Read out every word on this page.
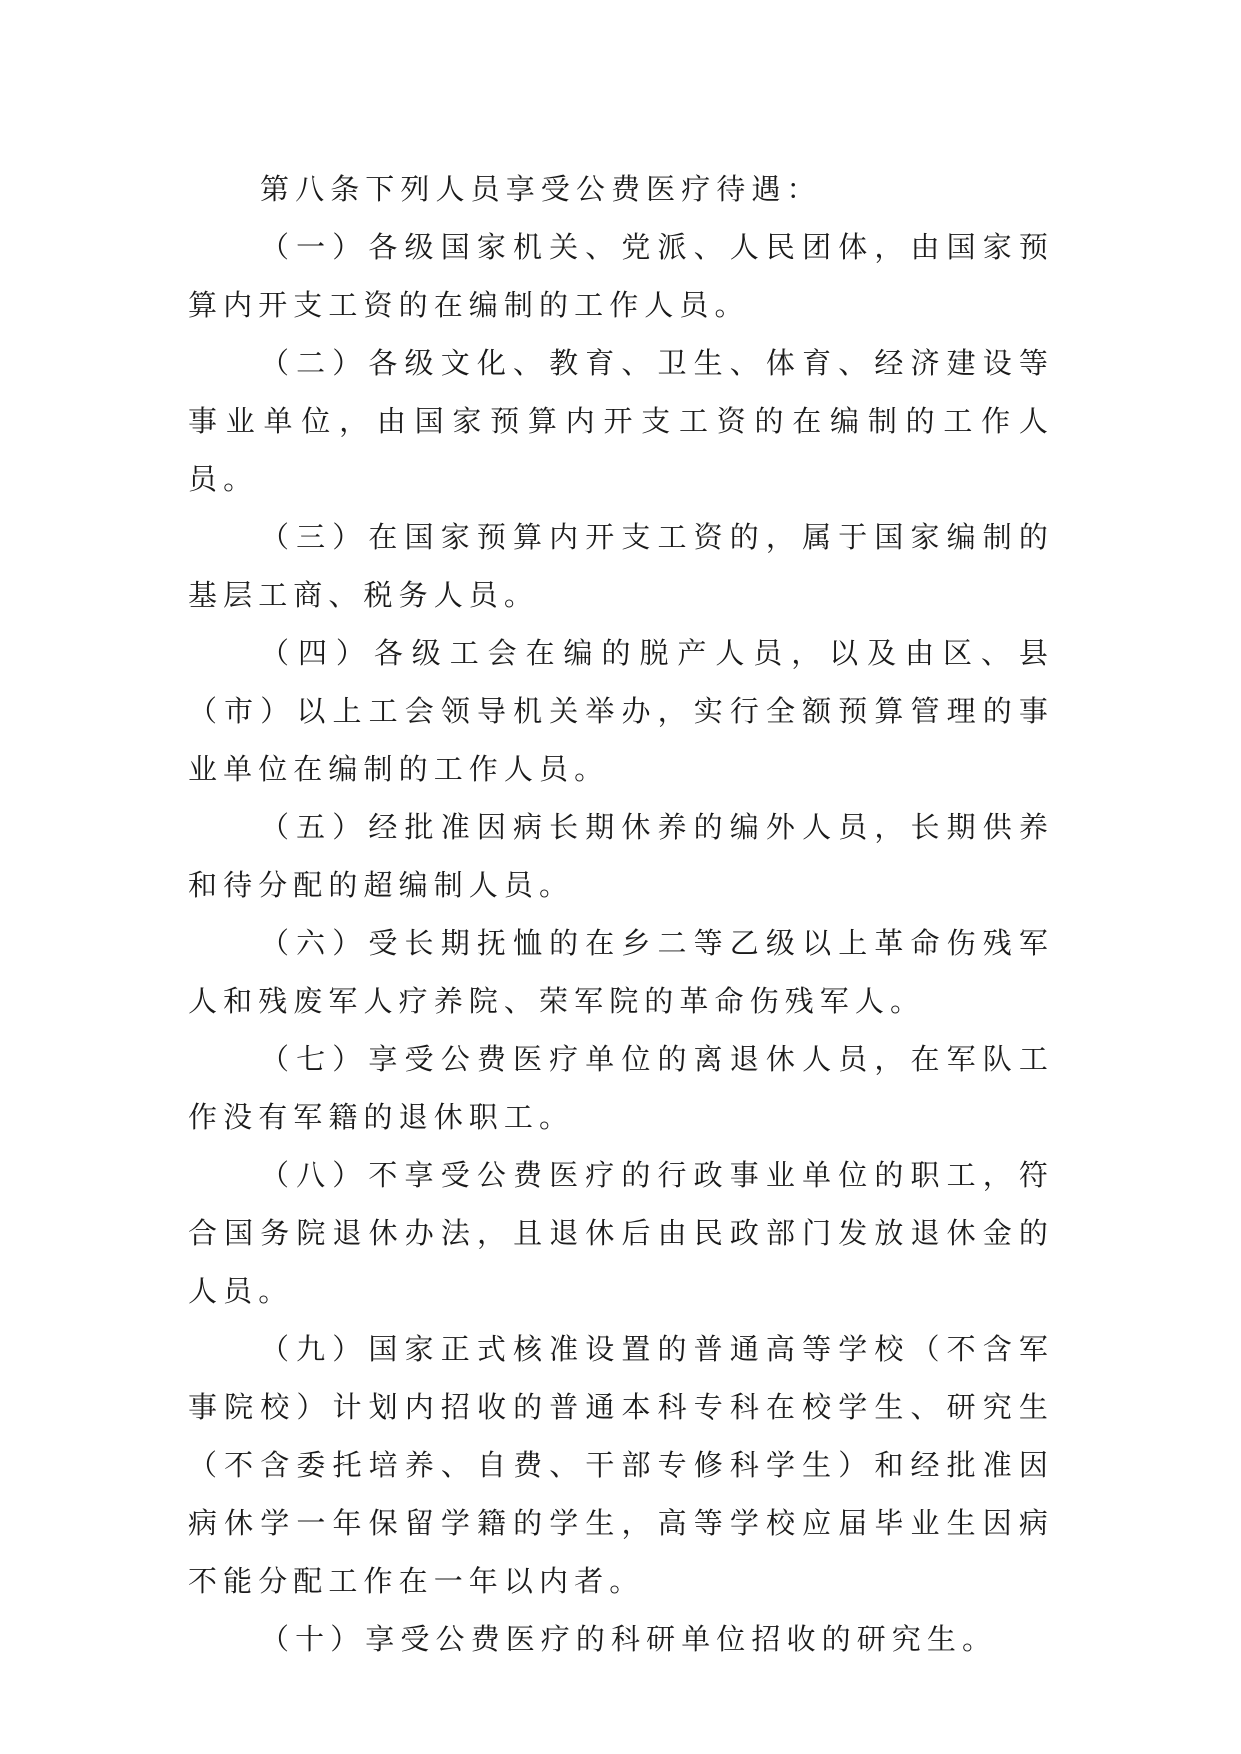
第八条下列人员享受公费医疗待遇：

（一）各级国家机关、党派、人民团体，由国家预算内开支工资的在编制的工作人员。

（二）各级文化、教育、卫生、体育、经济建设等事业单位，由国家预算内开支工资的在编制的工作人员。

（三）在国家预算内开支工资的，属于国家编制的基层工商、税务人员。

（四）各级工会在编的脱产人员，以及由区、县（市）以上工会领导机关举办，实行全额预算管理的事业单位在编制的工作人员。

（五）经批准因病长期休养的编外人员，长期供养和待分配的超编制人员。

（六）受长期抚恤的在乡二等乙级以上革命伤残军人和残废军人疗养院、荣军院的革命伤残军人。

（七）享受公费医疗单位的离退休人员，在军队工作没有军籍的退休职工。

（八）不享受公费医疗的行政事业单位的职工，符合国务院退休办法，且退休后由民政部门发放退休金的人员。

（九）国家正式核准设置的普通高等学校（不含军事院校）计划内招收的普通本科专科在校学生、研究生（不含委托培养、自费、干部专修科学生）和经批准因病休学一年保留学籍的学生，高等学校应届毕业生因病不能分配工作在一年以内者。

（十）享受公费医疗的科研单位招收的研究生。
